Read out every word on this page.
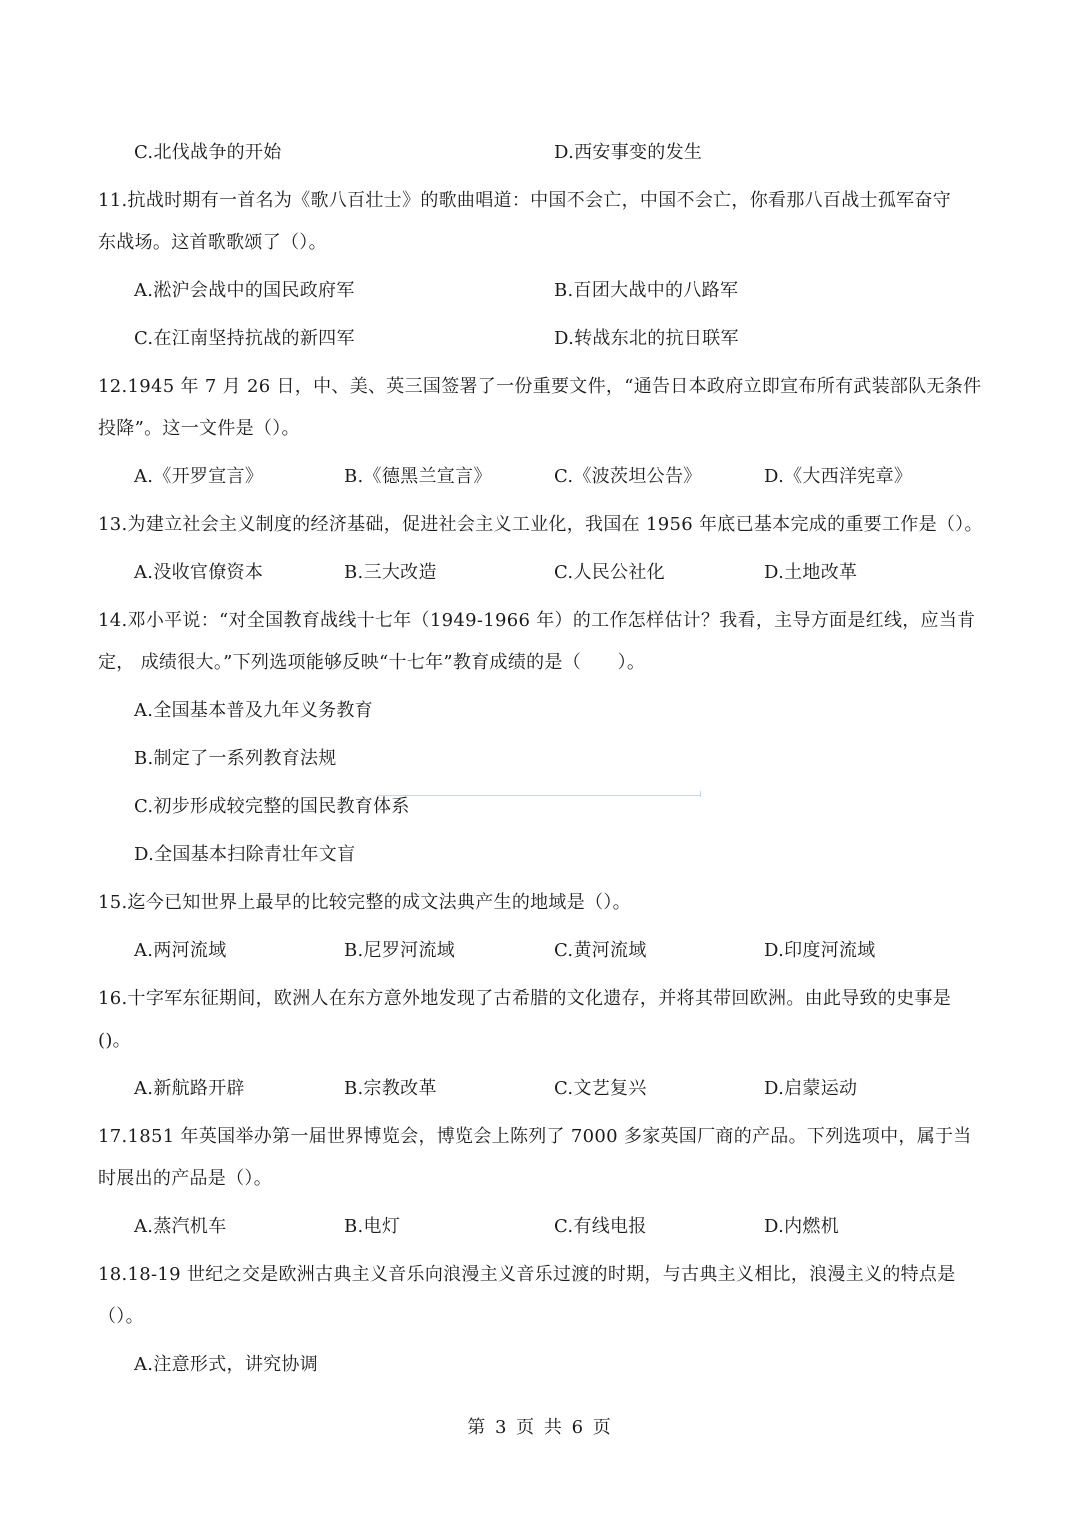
C.北伐战争的开始	D.西安事变的发生
11.抗战时期有一首名为《歌八百壮士》的歌曲唱道：中国不会亡，中国不会亡，你看那八百战士孤军奋守
东战场。这首歌歌颂了（）。
A.淞沪会战中的国民政府军	B.百团大战中的八路军
C.在江南坚持抗战的新四军	D.转战东北的抗日联军
12.1945 年 7 月 26 日，中、美、英三国签署了一份重要文件，“通告日本政府立即宣布所有武装部队无条件
投降”。这一文件是（）。
A.《开罗宣言》	B.《德黑兰宣言》	C.《波茨坦公告》	D.《大西洋宪章》
13.为建立社会主义制度的经济基础，促进社会主义工业化，我国在 1956 年底已基本完成的重要工作是（）。
A.没收官僚资本	B.三大改造	C.人民公社化	D.土地改革
14.邓小平说：“对全国教育战线十七年（1949-1966 年）的工作怎样估计？我看，主导方面是红线，应当肯
定， 成绩很大。”下列选项能够反映“十七年”教育成绩的是（　　）。
A.全国基本普及九年义务教育
B.制定了一系列教育法规
C.初步形成较完整的国民教育体系
D.全国基本扫除青壮年文盲
15.迄今已知世界上最早的比较完整的成文法典产生的地域是（）。
A.两河流域	B.尼罗河流域	C.黄河流域	D.印度河流域
16.十字军东征期间，欧洲人在东方意外地发现了古希腊的文化遗存，并将其带回欧洲。由此导致的史事是
()。
A.新航路开辟	B.宗教改革	C.文艺复兴	D.启蒙运动
17.1851 年英国举办第一届世界博览会，博览会上陈列了 7000 多家英国厂商的产品。下列选项中，属于当
时展出的产品是（）。
A.蒸汽机车	B.电灯	C.有线电报	D.内燃机
18.18-19 世纪之交是欧洲古典主义音乐向浪漫主义音乐过渡的时期，与古典主义相比，浪漫主义的特点是
（）。
A.注意形式，讲究协调
第 3 页 共 6 页
